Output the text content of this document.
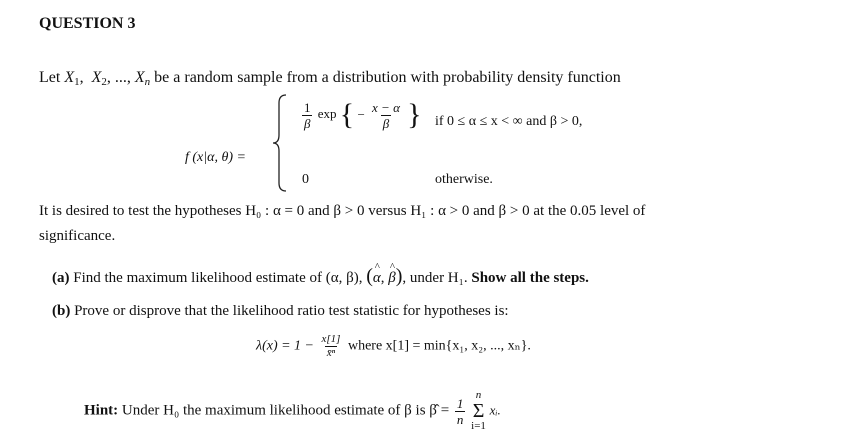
QUESTION 3
Let $X_1$,  $X_2$, ..., $X_n$ be a random sample from a distribution with probability density function
f (x|α, θ) =
$\frac{1}{\beta}$ exp { − $\frac{x - \alpha}{\beta}$ } if 0 ≤ α ≤ x < ∞ and β > 0,
0	otherwise.
It is desired to test the hypotheses H₀ : α = 0 and β > 0 versus H₁ : α > 0 and β > 0 at the 0.05 level of
significance.
(a) Find the maximum likelihood estimate of (α, β), (^ α, ^ β), under H₁. Show all the steps.
(b) Prove or disprove that the likelihood ratio test statistic for hypotheses is:
$\lambda(x) = 1 - \frac{x[1]}{\text{x̄ⁿ}}$ where x[1] = min{x₁, x₂, ..., xₙ}.
Hint: Under H₀ the maximum likelihood estimate of β is β̂ = $\frac{1}{n}$

n
Σ
i=1
xᵢ.
